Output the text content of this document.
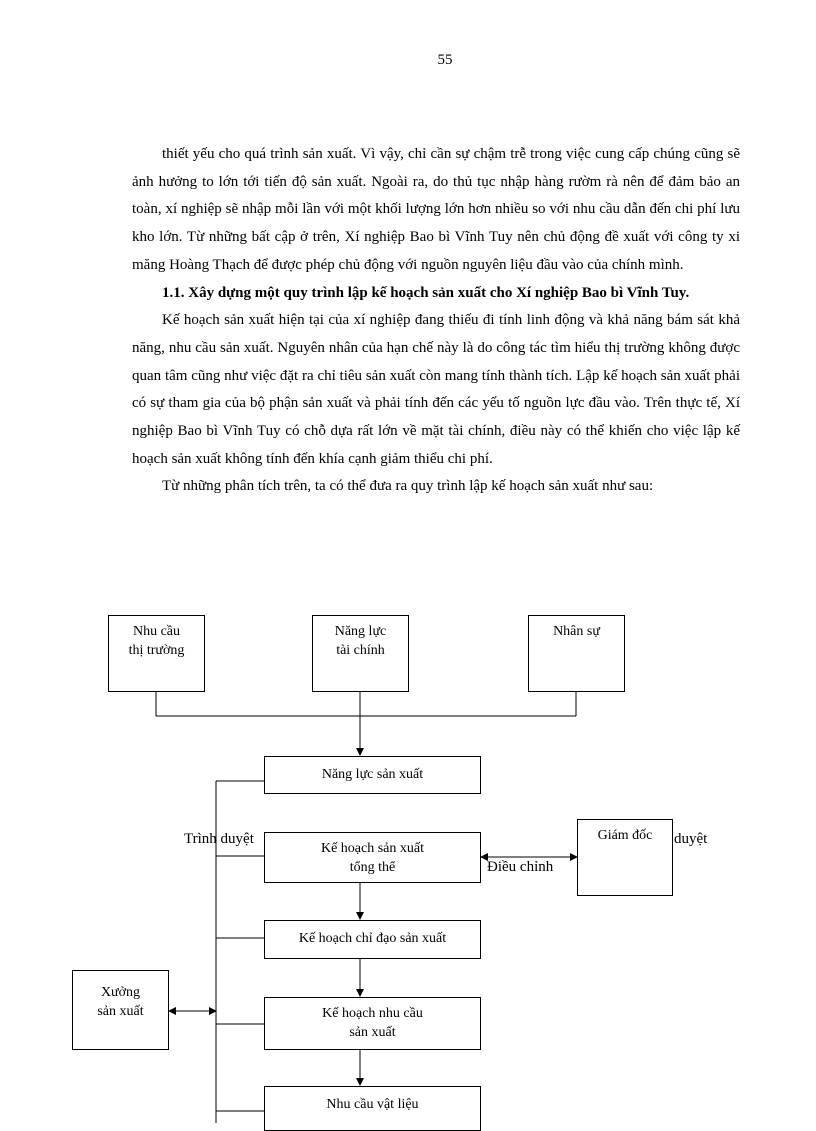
55

thiết yếu cho quá trình sản xuất. Vì vậy, chỉ cần sự chậm trễ trong việc cung cấp chúng cũng sẽ ảnh hưởng to lớn tới tiến độ sản xuất. Ngoài ra, do thủ tục nhập hàng rườm rà nên để đảm bảo an toàn, xí nghiệp sẽ nhập mỗi lần với một khối lượng lớn hơn nhiều so với nhu cầu dẫn đến chi phí lưu kho lớn. Từ những bất cập ở trên, Xí nghiệp Bao bì Vĩnh Tuy nên chủ động đề xuất với công ty xi măng Hoàng Thạch để được phép chủ động với nguồn nguyên liệu đầu vào của chính mình.

1.1. Xây dựng một quy trình lập kế hoạch sản xuất cho Xí nghiệp Bao bì Vĩnh Tuy.

Kế hoạch sản xuất hiện tại của xí nghiệp đang thiếu đi tính linh động và khả năng bám sát khả năng, nhu cầu sản xuất. Nguyên nhân của hạn chế này là do công tác tìm hiểu thị trường không được quan tâm cũng như việc đặt ra chỉ tiêu sản xuất còn mang tính thành tích. Lập kế hoạch sản xuất phải có sự tham gia của bộ phận sản xuất và phải tính đến các yếu tố nguồn lực đầu vào. Trên thực tế, Xí nghiệp Bao bì Vĩnh Tuy có chỗ dựa rất lớn về mặt tài chính, điều này có thể khiến cho việc lập kế hoạch sản xuất không tính đến khía cạnh giảm thiểu chi phí.

Từ những phân tích trên, ta có thể đưa ra quy trình lập kế hoạch sản xuất như sau:

Nhu cầu
thị trường
Năng lực
tài chính
Nhân sự
Năng lực sản xuất
Kế hoạch sản xuất
tổng thể
Giám đốc
Kế hoạch chỉ đạo sản xuất
Xưởng
sản xuất	Kế hoạch nhu cầu
sản xuất
Nhu cầu vật liệu
Trình duyệt	duyệt
Điều chỉnh
